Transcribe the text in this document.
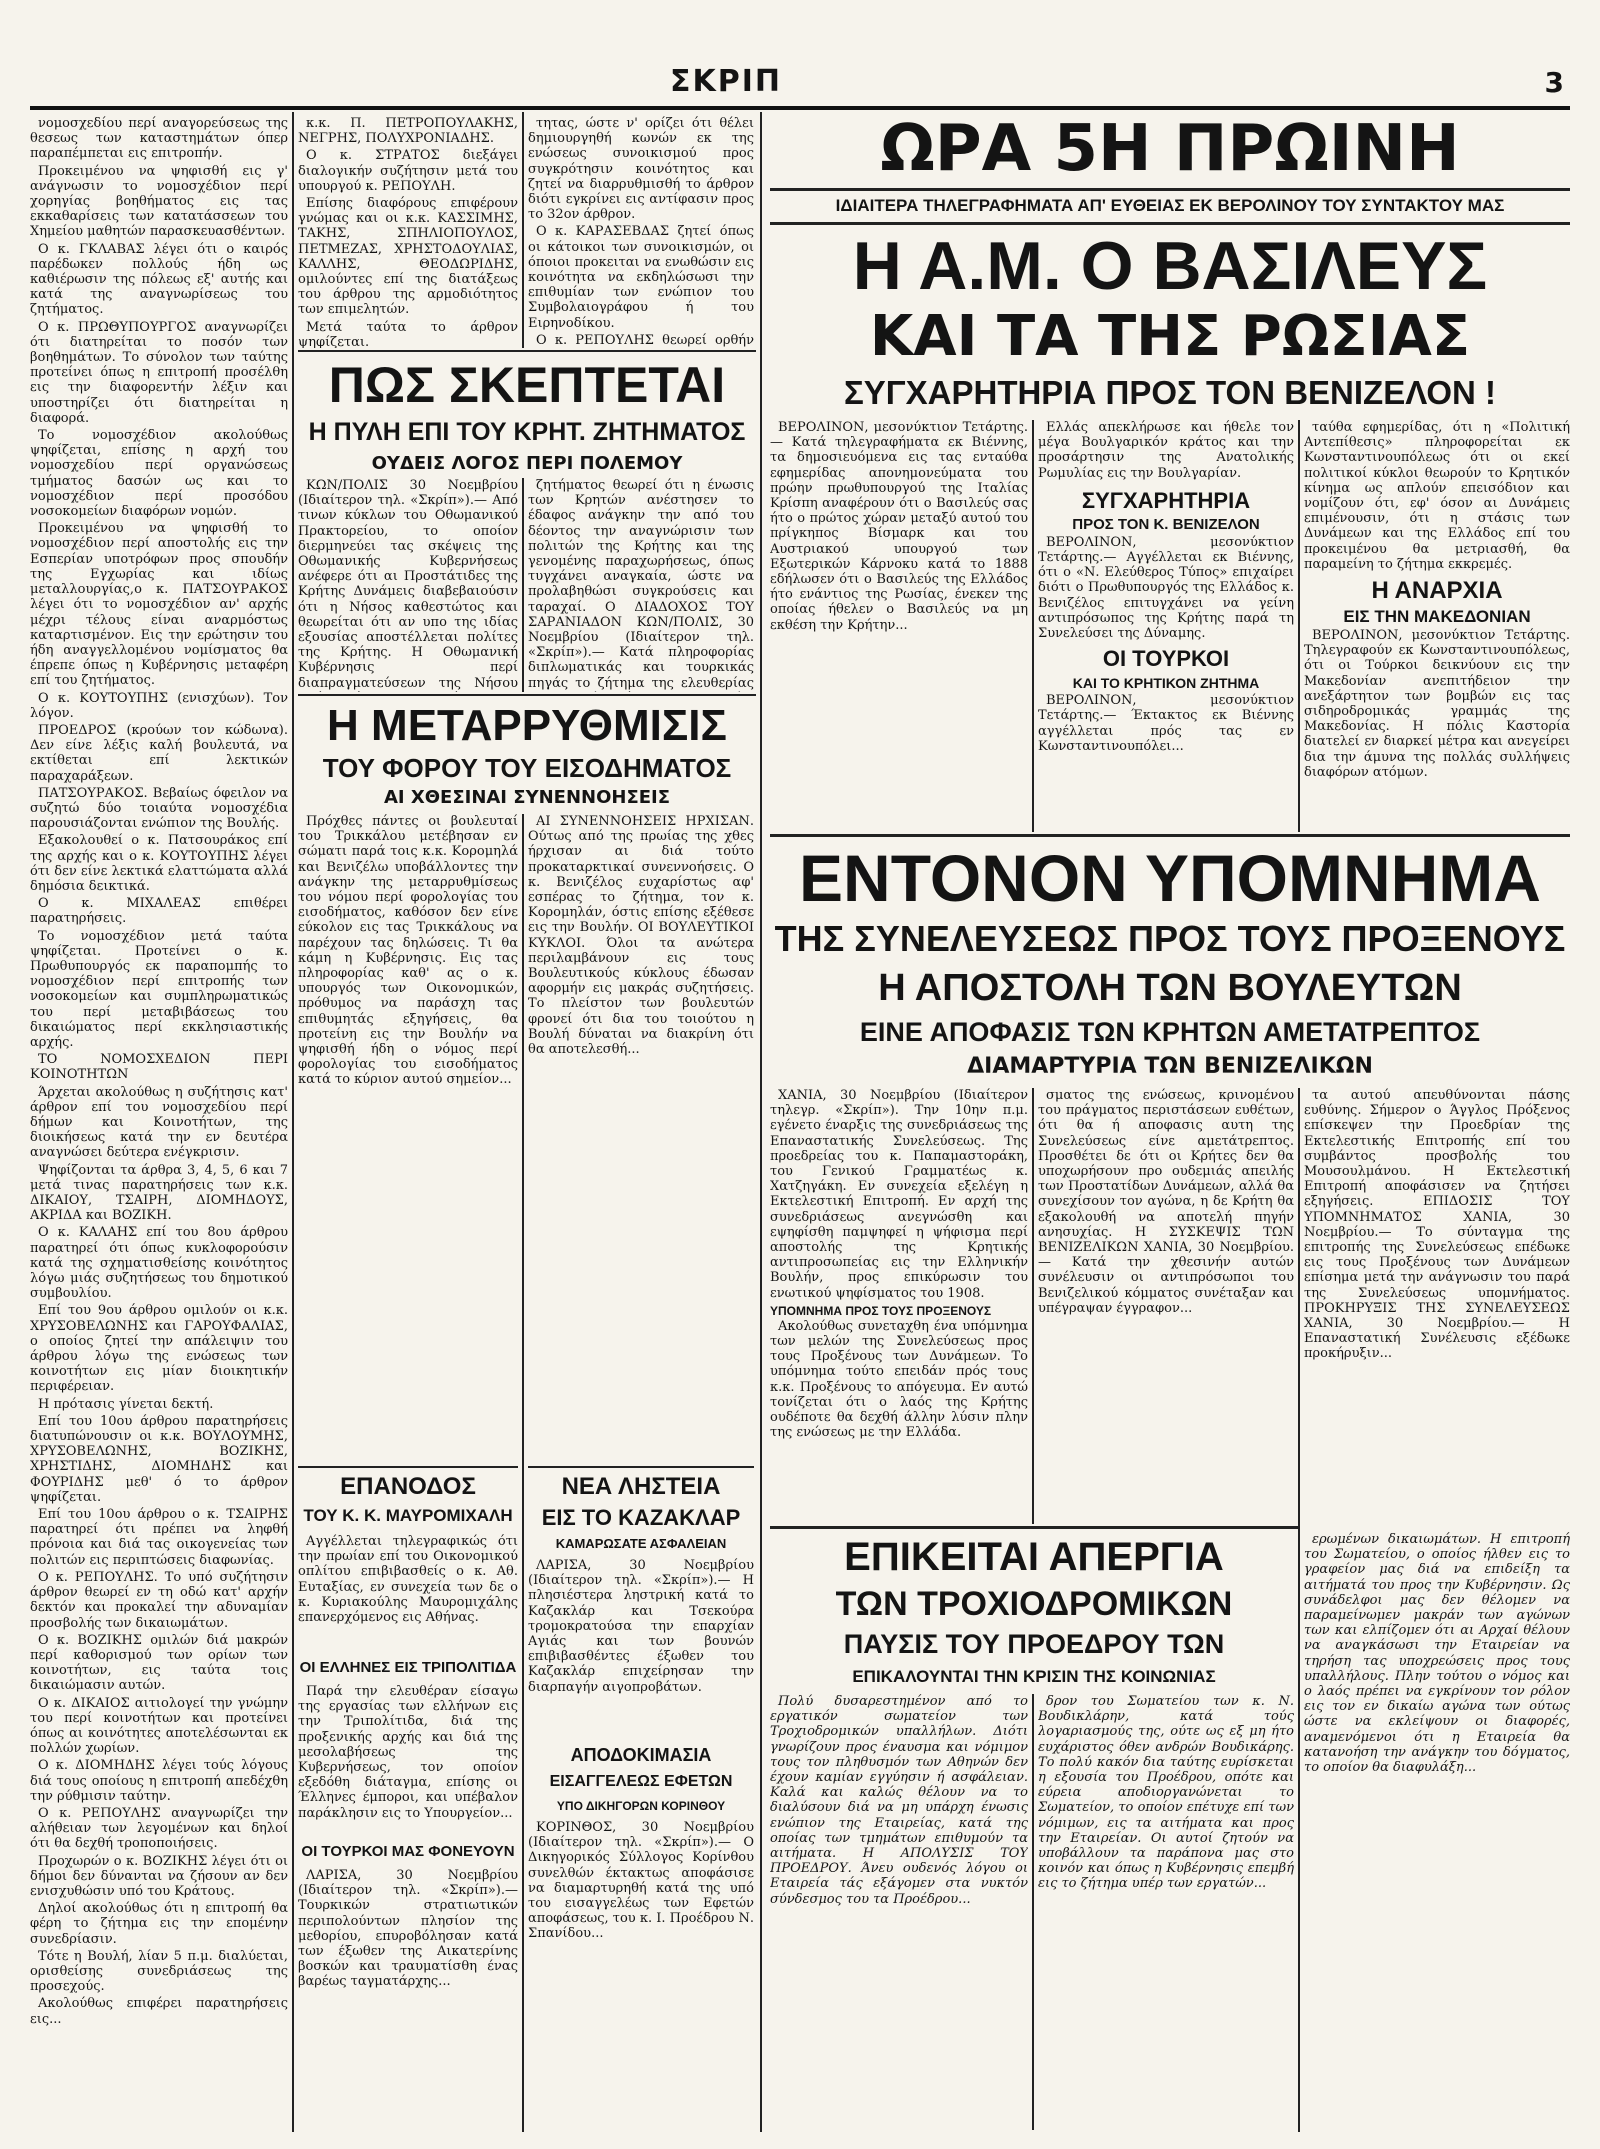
ΣΚΡΙΠ	3

νομοσχεδίου περί αναγορεύσεως της θεσεως των καταστημάτων όπερ παραπέμπεται εις επιτροπήν.

Προκειμένου να ψηφισθή εις γ' ανάγνωσιν το νομοσχέδιον περί χορηγίας βοηθήματος εις τας εκκαθαρίσεις των κατατάσσεων του Χημείου μαθητών παρασκευασθέντων.

Ο κ. ΓΚΛΑΒΑΣ λέγει ότι ο καιρός παρέδωκεν πολλούς ήδη ως καθιέρωσιν της πόλεως εξ' αυτής και κατά της αναγνωρίσεως του ζητήματος.

Ο κ. ΠΡΩΘΥΠΟΥΡΓΟΣ αναγνωρίζει ότι διατηρείται το ποσόν των βοηθημάτων. Το σύνολον των ταύτης προτείνει όπως η επιτροπή προσέλθη εις την διαφορεντήν λέξιν και υποστηρίζει ότι διατηρείται η διαφορά.

Το νομοσχέδιον ακολούθως ψηφίζεται, επίσης η αρχή του νομοσχεδίου περί οργανώσεως τμήματος δασών ως και το νομοσχέδιον περί προσόδου νοσοκομείων διαφόρων νομών.

Προκειμένου να ψηφισθή το νομοσχέδιον περί αποστολής εις την Εσπερίαν υποτρόφων προς σπουδήν της Εγχωρίας και ιδίως μεταλλουργίας,ο κ. ΠΑΤΣΟΥΡΑΚΟΣ λέγει ότι το νομοσχέδιον αν' αρχής μέχρι τέλους είναι αναρμόστως καταρτισμένον. Εις την ερώτησιν του ήδη αναγγελλομένου νομίσματος θα έπρεπε όπως η Κυβέρνησις μεταφέρη επί του ζητήματος.

Ο κ. ΚΟΥΤΟΥΠΗΣ (ενισχύων). Τον λόγον.

ΠΡΟΕΔΡΟΣ (κρούων τον κώδωνα). Δεν είνε λέξις καλή βουλευτά, να εκτίθεται επί λεκτικών παραχαράξεων.

ΠΑΤΣΟΥΡΑΚΟΣ. Βεβαίως όφειλον να συζητώ δύο τοιαύτα νομοσχέδια παρουσιάζονται ενώπιον της Βουλής.

Εξακολουθεί ο κ. Πατσουράκος επί της αρχής και ο κ. ΚΟΥΤΟΥΠΗΣ λέγει ότι δεν είνε λεκτικά ελαττώματα αλλά δημόσια δεικτικά.

Ο κ. ΜΙΧΑΛΕΑΣ επιθέρει παρατηρήσεις.

Το νομοσχέδιον μετά ταύτα ψηφίζεται. Προτείνει ο κ. Πρωθυπουργός εκ παραπομπής το νομοσχέδιον περί επιτροπής των νοσοκομείων και συμπληρωματικώς του περί μεταβιβάσεως του δικαιώματος περί εκκλησιαστικής αρχής.

ΤΟ ΝΟΜΟΣΧΕΔΙΟΝ ΠΕΡΙ ΚΟΙΝΟΤΗΤΩΝ

Άρχεται ακολούθως η συζήτησις κατ' άρθρον επί του νομοσχεδίου περί δήμων και Κοινοτήτων, της διοικήσεως κατά την εν δευτέρα αναγνώσει δεύτερα ενέγκρισιν.

Ψηφίζονται τα άρθρα 3, 4, 5, 6 και 7 μετά τινας παρατηρήσεις των κ.κ. ΔΙΚΑΙΟΥ, ΤΣΑΙΡΗ, ΔΙΟΜΗΔΟΥΣ, ΑΚΡΙΔΑ και ΒΟΖΙΚΗ.

Ο κ. ΚΑΛΑΗΣ επί του 8ου άρθρου παρατηρεί ότι όπως κυκλοφορούσιν κατά της σχηματισθείσης κοινότητος λόγω μιάς συζητήσεως του δημοτικού συμβουλίου.

Επί του 9ου άρθρου ομιλούν οι κ.κ. ΧΡΥΣΟΒΕΛΩΝΗΣ και ΓΑΡΟΥΦΑΛΙΑΣ, ο οποίος ζητεί την απάλειψιν του άρθρου λόγω της ενώσεως των κοινοτήτων εις μίαν διοικητικήν περιφέρειαν.

Η πρότασις γίνεται δεκτή.

Επί του 10ου άρθρου παρατηρήσεις διατυπώνουσιν οι κ.κ. ΒΟΥΛΟΥΜΗΣ, ΧΡΥΣΟΒΕΛΩΝΗΣ, ΒΟΖΙΚΗΣ, ΧΡΗΣΤΙΔΗΣ, ΔΙΟΜΗΔΗΣ και ΦΟΥΡΙΔΗΣ μεθ' ό το άρθρον ψηφίζεται.

Επί του 10ου άρθρου ο κ. ΤΣΑΙΡΗΣ παρατηρεί ότι πρέπει να ληφθή πρόνοια και διά τας οικογενείας των πολιτών εις περιπτώσεις διαφωνίας.

Ο κ. ΡΕΠΟΥΛΗΣ. Το υπό συζήτησιν άρθρον θεωρεί εν τη οδώ κατ' αρχήν δεκτόν και προκαλεί την αδυναμίαν προσβολής των δικαιωμάτων.

Ο κ. ΒΟΖΙΚΗΣ ομιλών διά μακρών περί καθορισμού των ορίων των κοινοτήτων, εις ταύτα τοις δικαιώμασιν αυτών.

Ο κ. ΔΙΚΑΙΟΣ αιτιολογεί την γνώμην του περί κοινοτήτων και προτείνει όπως αι κοινότητες αποτελέσωνται εκ πολλών χωρίων.

Ο κ. ΔΙΟΜΗΔΗΣ λέγει τούς λόγους διά τους οποίους η επιτροπή απεδέχθη την ρύθμισιν ταύτην.

Ο κ. ΡΕΠΟΥΛΗΣ αναγνωρίζει την αλήθειαν των λεγομένων και δηλοί ότι θα δεχθή τροποποιήσεις.

Προχωρών ο κ. ΒΟΖΙΚΗΣ λέγει ότι οι δήμοι δεν δύνανται να ζήσουν αν δεν ενισχυθώσιν υπό του Κράτους.

Δηλοί ακολούθως ότι η επιτροπή θα φέρη το ζήτημα εις την επομένην συνεδρίασιν.

Τότε η Βουλή, λίαν 5 π.μ. διαλύεται, ορισθείσης συνεδριάσεως της προσεχούς.

Ακολούθως επιφέρει παρατηρήσεις εις...

κ.κ. Π. ΠΕΤΡΟΠΟΥΛΑΚΗΣ, ΝΕΓΡΗΣ, ΠΟΛΥΧΡΟΝΙΑΔΗΣ.

Ο κ. ΣΤΡΑΤΟΣ διεξάγει διαλογικήν συζήτησιν μετά του υπουργού κ. ΡΕΠΟΥΛΗ.

Επίσης διαφόρους επιφέρουν γνώμας και οι κ.κ. ΚΑΣΣΙΜΗΣ, ΤΑΚΗΣ, ΣΠΗΛΙΟΠΟΥΛΟΣ, ΠΕΤΜΕΖΑΣ, ΧΡΗΣΤΟΔΟΥΛΙΑΣ, ΚΑΛΛΗΣ, ΘΕΟΔΩΡΙΔΗΣ, ομιλούντες επί της διατάξεως του άρθρου της αρμοδιότητος των επιμελητών.

Μετά ταύτα το άρθρον ψηφίζεται.

τητας, ώστε ν' ορίζει ότι θέλει δημιουργηθή κωνών εκ της ενώσεως συνοικισμού προς συγκρότησιν κοινότητος και ζητεί να διαρρυθμισθή το άρθρον διότι εγκρίνει εις αντίφασιν προς το 32ον άρθρον.

Ο κ. ΚΑΡΑΣΕΒΔΑΣ ζητεί όπως οι κάτοικοι των συνοικισμών, οι όποιοι προκειται να ενωθώσιν εις κοινότητα να εκδηλώσωσι την επιθυμίαν των ενώπιον του Συμβολαιογράφου ή του Ειρηνοδίκου.

Ο κ. ΡΕΠΟΥΛΗΣ θεωρεί ορθήν

ΠΩΣ ΣΚΕΠΤΕΤΑΙ
Η ΠΥΛΗ ΕΠΙ ΤΟΥ ΚΡΗΤ. ΖΗΤΗΜΑΤΟΣ
ΟΥΔΕΙΣ ΛΟΓΟΣ ΠΕΡΙ ΠΟΛΕΜΟΥ

ΚΩΝ/ΠΟΛΙΣ 30 Νοεμβρίου (Ιδιαίτερον τηλ. «Σκρίπ»).— Από τινων κύκλων του Οθωμανικού Πρακτορείου, το οποίον διερμηνεύει τας σκέψεις της Οθωμανικής Κυβερνήσεως ανέφερε ότι αι Προστάτιδες της Κρήτης Δυνάμεις διαβεβαιούσιν ότι η Νήσος καθεστώτος και θεωρείται ότι αν υπο της ιδίας εξουσίας αποστέλλεται πολίτες της Κρήτης. Η Οθωμανική Κυβέρνησις περί διαπραγματεύσεων της Νήσου

ζητήματος θεωρεί ότι η ένωσις των Κρητών ανέστησεν το έδαφος ανάγκην την από του δέοντος την αναγνώρισιν των πολιτών της Κρήτης και της γενομένης παραχωρήσεως, όπως τυγχάνει αναγκαία, ώστε να προλαβηθώσι συγκρούσεις και ταραχαί. Ο ΔΙΑΔΟΧΟΣ ΤΟΥ ΣΑΡΑΝΙΑΔΟΝ ΚΩΝ/ΠΟΛΙΣ, 30 Νοεμβρίου (Ιδιαίτερον τηλ. «Σκρίπ»).— Κατά πληροφορίας διπλωματικάς και τουρκικάς πηγάς το ζήτημα της ελευθερίας

Η ΜΕΤΑΡΡΥΘΜΙΣΙΣ
ΤΟΥ ΦΟΡΟΥ ΤΟΥ ΕΙΣΟΔΗΜΑΤΟΣ
ΑΙ ΧΘΕΣΙΝΑΙ ΣΥΝΕΝΝΟΗΣΕΙΣ

Πρόχθες πάντες οι βουλευταί του Τρικκάλου μετέβησαν εν σώματι παρά τοις κ.κ. Κορομηλά και Βενιζέλω υποβάλλοντες την ανάγκην της μεταρρυθμίσεως του νόμου περί φορολογίας του εισοδήματος, καθόσον δεν είνε εύκολον εις τας Τρικκάλους να παρέχουν τας δηλώσεις. Τι θα κάμη η Κυβέρνησις. Εις τας πληροφορίας καθ' ας ο κ. υπουργός των Οικονομικών, πρόθυμος να παράσχη τας επιθυμητάς εξηγήσεις, θα προτείνη εις την Βουλήν να ψηφισθή ήδη ο νόμος περί φορολογίας του εισοδήματος κατά το κύριον αυτού σημείον...

ΑΙ ΣΥΝΕΝΝΟΗΣΕΙΣ ΗΡΧΙΣΑΝ. Ούτως από της πρωίας της χθες ήρχισαν αι διά τούτο προκαταρκτικαί συνεννοήσεις. Ο κ. Βενιζέλος ευχαρίστως αφ' εσπέρας το ζήτημα, τον κ. Κορομηλάν, όστις επίσης εξέθεσε εις την Βουλήν. ΟΙ ΒΟΥΛΕΥΤΙΚΟΙ ΚΥΚΛΟΙ. Όλοι τα ανώτερα περιλαμβάνουν εις τους Βουλευτικούς κύκλους έδωσαν αφορμήν εις μακράς συζητήσεις. Το πλείστον των βουλευτών φρονεί ότι δια του τοιούτου η Βουλή δύναται να διακρίνη ότι θα αποτελεσθή...

ΕΠΑΝΟΔΟΣ
ΤΟΥ Κ. Κ. ΜΑΥΡΟΜΙΧΑΛΗ

Αγγέλλεται τηλεγραφικώς ότι την πρωίαν επί του Οικονομικού οπλίτου επιβιβασθείς ο κ. Αθ. Ευταξίας, εν συνεχεία των δε ο κ. Κυριακούλης Μαυρομιχάλης επανερχόμενος εις Αθήνας.

ΟΙ ΕΛΛΗΝΕΣ ΕΙΣ ΤΡΙΠΟΛΙΤΙΔΑ

Παρά την ελευθέραν είσαγω της εργασίας των ελλήνων εις την Τριπολίτιδα, διά της προξενικής αρχής και διά της μεσολαβήσεως της Κυβερνήσεως, τον οποίον εξεδόθη διάταγμα, επίσης οι Έλληνες έμποροι, και υπέβαλον παράκλησιν εις το Υπουργείον...

ΟΙ ΤΟΥΡΚΟΙ ΜΑΣ ΦΟΝΕΥΟΥΝ

ΛΑΡΙΣΑ, 30 Νοεμβρίου (Ιδιαίτερον τηλ. «Σκρίπ»).— Τουρκικών στρατιωτικών περιπολούντων πλησίον της μεθορίου, επυροβόλησαν κατά των έξωθεν της Αικατερίνης βοσκών και τραυματίσθη ένας βαρέως ταγματάρχης...

ΝΕΑ ΛΗΣΤΕΙΑ
ΕΙΣ ΤΟ ΚΑΖΑΚΛΑΡ
ΚΑΜΑΡΩΣΑΤΕ ΑΣΦΑΛΕΙΑΝ

ΛΑΡΙΣΑ, 30 Νοεμβρίου (Ιδιαίτερον τηλ. «Σκρίπ»).— Η πλησιέστερα ληστρική κατά το Καζακλάρ και Τσεκούρα τρομοκρατούσα την επαρχίαν Αγιάς και των βουνών επιβιβασθέντες έξωθεν του Καζακλάρ επιχείρησαν την διαρπαγήν αιγοπροβάτων.

ΑΠΟΔΟΚΙΜΑΣΙΑ
ΕΙΣΑΓΓΕΛΕΩΣ ΕΦΕΤΩΝ
ΥΠΟ ΔΙΚΗΓΟΡΩΝ ΚΟΡΙΝΘΟΥ

ΚΟΡΙΝΘΟΣ, 30 Νοεμβρίου (Ιδιαίτερον τηλ. «Σκρίπ»).— Ο Δικηγορικός Σύλλογος Κορίνθου συνελθών έκτακτως αποφάσισε να διαμαρτυρηθή κατά της υπό του εισαγγελέως των Εφετών αποφάσεως, του κ. Ι. Προέδρου Ν. Σπανίδου...

ΩΡΑ 5Η ΠΡΩΙΝΗ
ΙΔΙΑΙΤΕΡΑ ΤΗΛΕΓΡΑΦΗΜΑΤΑ ΑΠ' ΕΥΘΕΙΑΣ ΕΚ ΒΕΡΟΛΙΝΟΥ ΤΟΥ ΣΥΝΤΑΚΤΟΥ ΜΑΣ
Η Α.Μ. Ο ΒΑΣΙΛΕΥΣ
ΚΑΙ ΤΑ ΤΗΣ ΡΩΣΙΑΣ
ΣΥΓΧΑΡΗΤΗΡΙΑ ΠΡΟΣ ΤΟΝ ΒΕΝΙΖΕΛΟΝ !

ΒΕΡΟΛΙΝΟΝ, μεσονύκτιον Τετάρτης.— Κατά τηλεγραφήματα εκ Βιέννης, τα δημοσιευόμενα εις τας ενταύθα εφημερίδας απονημονεύματα του πρώην πρωθυπουργού της Ιταλίας Κρίσπη αναφέρουν ότι ο Βασιλεύς σας ήτο ο πρώτος χώραν μεταξύ αυτού του πρίγκηπος Βίσμαρκ και του Αυστριακού υπουργού των Εξωτερικών Κάρνοκυ κατά το 1888 εδήλωσεν ότι ο Βασιλεύς της Ελλάδος ήτο ενάντιος της Ρωσίας, ένεκεν της οποίας ήθελεν ο Βασιλεύς να μη εκθέση την Κρήτην...

Ελλάς απεκλήρωσε και ήθελε τον μέγα Βουλγαρικόν κράτος και την προσάρτησιν της Ανατολικής Ρωμυλίας εις την Βουλγαρίαν.

ΣΥΓΧΑΡΗΤΗΡΙΑ
ΠΡΟΣ ΤΟΝ Κ. ΒΕΝΙΖΕΛΟΝ

ΒΕΡΟΛΙΝΟΝ, μεσονύκτιον Τετάρτης.— Αγγέλλεται εκ Βιέννης, ότι ο «Ν. Ελεύθερος Τύπος» επιχαίρει διότι ο Πρωθυπουργός της Ελλάδος κ. Βενιζέλος επιτυγχάνει να γείνη αντιπρόσωπος της Κρήτης παρά τη Συνελεύσει της Δύναμης.

ΟΙ ΤΟΥΡΚΟΙ
ΚΑΙ ΤΟ ΚΡΗΤΙΚΟΝ ΖΗΤΗΜΑ

ΒΕΡΟΛΙΝΟΝ, μεσονύκτιον Τετάρτης.— Έκτακτος εκ Βιέννης αγγέλλεται πρός τας εν Κωνσταντινουπόλει...

ταύθα εφημερίδας, ότι η «Πολιτική Αντεπίθεσις» πληροφορείται εκ Κωνσταντινουπόλεως ότι οι εκεί πολιτικοί κύκλοι θεωρούν το Κρητικόν κίνημα ως απλούν επεισόδιον και νομίζουν ότι, εφ' όσον αι Δυνάμεις επιμένουσιν, ότι η στάσις των Δυνάμεων και της Ελλάδος επί του προκειμένου θα μετριασθή, θα παραμείνη το ζήτημα εκκρεμές.

Η ΑΝΑΡΧΙΑ
ΕΙΣ ΤΗΝ ΜΑΚΕΔΟΝΙΑΝ

ΒΕΡΟΛΙΝΟΝ, μεσονύκτιον Τετάρτης. Τηλεγραφούν εκ Κωνσταντινουπόλεως, ότι οι Τούρκοι δεικνύουν εις την Μακεδονίαν ανεπιτήδειον την ανεξάρτητον των βομβών εις τας σιδηροδρομικάς γραμμάς της Μακεδονίας. Η πόλις Καστορία διατελεί εν διαρκεί μέτρα και ανεγείρει δια την άμυνα της πολλάς συλλήψεις διαφόρων ατόμων.

ΕΝΤΟΝΟΝ ΥΠΟΜΝΗΜΑ
ΤΗΣ ΣΥΝΕΛΕΥΣΕΩΣ ΠΡΟΣ ΤΟΥΣ ΠΡΟΞΕΝΟΥΣ
Η ΑΠΟΣΤΟΛΗ ΤΩΝ ΒΟΥΛΕΥΤΩΝ
ΕΙΝΕ ΑΠΟΦΑΣΙΣ ΤΩΝ ΚΡΗΤΩΝ ΑΜΕΤΑΤΡΕΠΤΟΣ
ΔΙΑΜΑΡΤΥΡΙΑ ΤΩΝ ΒΕΝΙΖΕΛΙΚΩΝ

ΧΑΝΙΑ, 30 Νοεμβρίου (Ιδιαίτερον τηλεγρ. «Σκρίπ»). Την 10ην π.μ. εγένετο έναρξις της συνεδριάσεως της Επαναστατικής Συνελεύσεως. Της προεδρείας του κ. Παπαμαστοράκη, του Γενικού Γραμματέως κ. Χατζηγάκη. Εν συνεχεία εξελέγη η Εκτελεστική Επιτροπή. Εν αρχή της συνεδριάσεως ανεγνώσθη και εψηφίσθη παμψηφεί η ψήφισμα περί αποστολής της Κρητικής αντιπροσωπείας εις την Ελληνικήν Βουλήν, προς επικύρωσιν του ενωτικού ψηφίσματος του 1908.

ΥΠΟΜΝΗΜΑ ΠΡΟΣ ΤΟΥΣ ΠΡΟΞΕΝΟΥΣ

Ακολούθως συνεταχθη ένα υπόμνημα των μελών της Συνελεύσεως προς τους Προξένους των Δυνάμεων. Το υπόμνημα τούτο επειδάν πρός τους κ.κ. Προξένους το απόγευμα. Εν αυτώ τονίζεται ότι ο λαός της Κρήτης ουδέποτε θα δεχθή άλλην λύσιν πλην της ενώσεως με την Ελλάδα.

σματος της ενώσεως, κρινομένου του πράγματος περιστάσεων ευθέτων, ότι θα ή αποφασις αυτη της Συνελεύσεως είνε αμετάτρεπτος. Προσθέτει δε ότι οι Κρήτες δεν θα υποχωρήσουν προ ουδεμιάς απειλής των Προστατίδων Δυνάμεων, αλλά θα συνεχίσουν τον αγώνα, η δε Κρήτη θα εξακολουθή να αποτελή πηγήν ανησυχίας. Η ΣΥΣΚΕΨΙΣ ΤΩΝ ΒΕΝΙΖΕΛΙΚΩΝ ΧΑΝΙΑ, 30 Νοεμβρίου.— Κατά την χθεσινήν αυτών συνέλευσιν οι αντιπρόσωποι του Βενιζελικού κόμματος συνέταξαν και υπέγραψαν έγγραφον...

τα αυτού απευθύνονται πάσης ευθύνης. Σήμερον ο Άγγλος Πρόξενος επίσκεψεν την Προεδρίαν της Εκτελεστικής Επιτροπής επί του συμβάντος προσβολής του Μουσουλμάνου. Η Εκτελεστική Επιτροπή αποφάσισεν να ζητήσει εξηγήσεις. ΕΠΙΔΟΣΙΣ ΤΟΥ ΥΠΟΜΝΗΜΑΤΟΣ ΧΑΝΙΑ, 30 Νοεμβρίου.— Το σύνταγμα της επιτροπής της Συνελεύσεως επέδωκε εις τους Προξένους των Δυνάμεων επίσημα μετά την ανάγνωσιν του παρά της Συνελεύσεως υπομνήματος. ΠΡΟΚΗΡΥΞΙΣ ΤΗΣ ΣΥΝΕΛΕΥΣΕΩΣ ΧΑΝΙΑ, 30 Νοεμβρίου.— Η Επαναστατική Συνέλευσις εξέδωκε προκήρυξιν...

ΕΠΙΚΕΙΤΑΙ ΑΠΕΡΓΙΑ
ΤΩΝ ΤΡΟΧΙΟΔΡΟΜΙΚΩΝ
ΠΑΥΣΙΣ ΤΟΥ ΠΡΟΕΔΡΟΥ ΤΩΝ
ΕΠΙΚΑΛΟΥΝΤΑΙ ΤΗΝ ΚΡΙΣΙΝ ΤΗΣ ΚΟΙΝΩΝΙΑΣ

Πολύ δυσαρεστημένον από το εργατικόν σωματείον των Τροχιοδρομικών υπαλλήλων. Διότι γνωρίζουν προς έναυσμα και νόμιμον τους τον πληθυσμόν των Αθηνών δεν έχουν καμίαν εγγύησιν ή ασφάλειαν. Καλά και καλώς θέλουν να το διαλύσουν διά να μη υπάρχη ένωσις ενώπιον της Εταιρείας, κατά της οποίας των τμημάτων επιθυμούν τα αιτήματα. Η ΑΠΟΛΥΣΙΣ ΤΟΥ ΠΡΟΕΔΡΟΥ. Άνευ ουδενός λόγου οι Εταιρεία τάς εξάγομεν στα νυκτόν σύνδεσμος του τα Προέδρου...

δρον του Σωματείου των κ. Ν. Βουδικλάρην, κατά τούς λογαριασμούς της, ούτε ως εξ μη ήτο ευχάριστος όθεν ανδρών Βουδικάρης. Το πολύ κακόν δια ταύτης ευρίσκεται η εξουσία του Προέδρου, οπότε και εύρεια αποδιοργανώνεται το Σωματείον, το οποίον επέτυχε επί των νόμιμων, εις τα αιτήματα και προς την Εταιρείαν. Οι αυτοί ζητούν να υποβάλλουν τα παράπονα μας στο κοινόν και όπως η Κυβέρνησις επεμβή εις το ζήτημα υπέρ των εργατών...

ερωμένων δικαιωμάτων. Η επιτροπή του Σωματείου, ο οποίος ήλθεν εις το γραφείον μας διά να επιδείξη τα αιτήματά του προς την Κυβέρνησιν. Ως συνάδελφοι μας δεν θέλομεν να παραμείνωμεν μακράν των αγώνων των και ελπίζομεν ότι αι Αρχαί θέλουν να αναγκάσωσι την Εταιρείαν να τηρήση τας υποχρεώσεις προς τους υπαλλήλους. Πλην τούτου ο νόμος και ο λαός πρέπει να εγκρίνουν τον ρόλον εις τον εν δικαίω αγώνα των ούτως ώστε να εκλείψουν οι διαφορές, αναμενόμενοι ότι η Εταιρεία θα κατανοήση την ανάγκην του δόγματος, το οποίον θα διαφυλάξη...
